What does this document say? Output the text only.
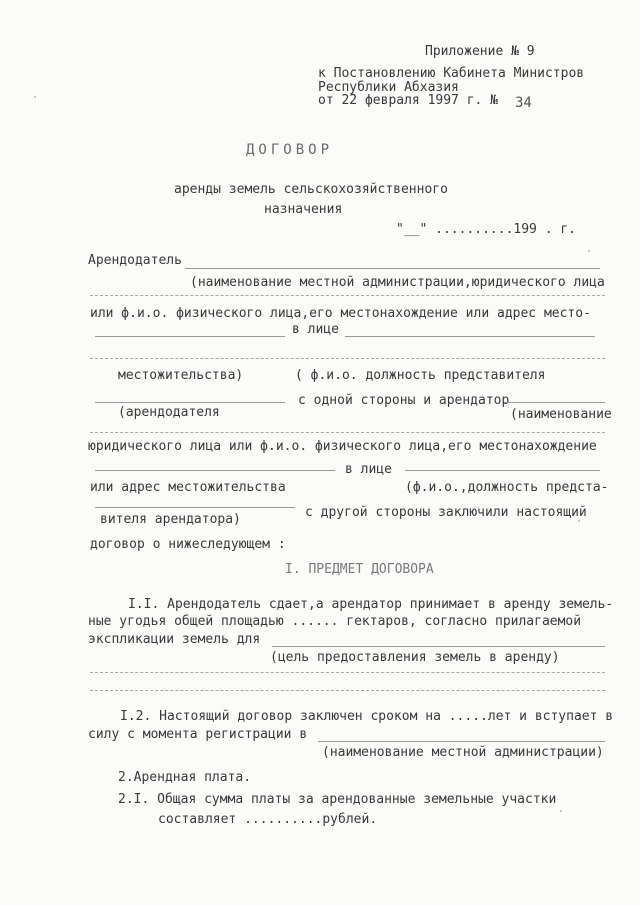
Приложение № 9
к Постановлению Кабинета Министров
Республики Абхазия
от 22 февраля 1997 г. № 34
ДОГОВОР
аренды земель сельскохозяйственного
назначения
"__" ..........199 . г.
Арендодатель
(наименование местной администрации,юридического лица
или ф.и.о. физического лица,его местонахождение или адрес место-
в лице
местожительства)	( ф.и.о. должность представителя
с одной стороны и арендатор
(арендодателя	(наименование
юридического лица или ф.и.о. физического лица,его местонахождение
в лице
или адрес местожительства	(ф.и.о.,должность предста-
вителя арендатора)	с другой стороны заключили настоящий
договор о нижеследующем :
I. ПРЕДМЕТ ДОГОВОРА
I.I. Арендодатель сдает,а арендатор принимает в аренду земель-
ные угодья общей площадью ...... гектаров, согласно прилагаемой
экспликации земель для
(цель предоставления земель в аренду)
I.2. Настоящий договор заключен сроком на .....лет и вступает в
силу с момента регистрации в
(наименование местной администрации)
2.Арендная плата.
2.I. Общая сумма платы за арендованные земельные участки
составляет ..........рублей.
